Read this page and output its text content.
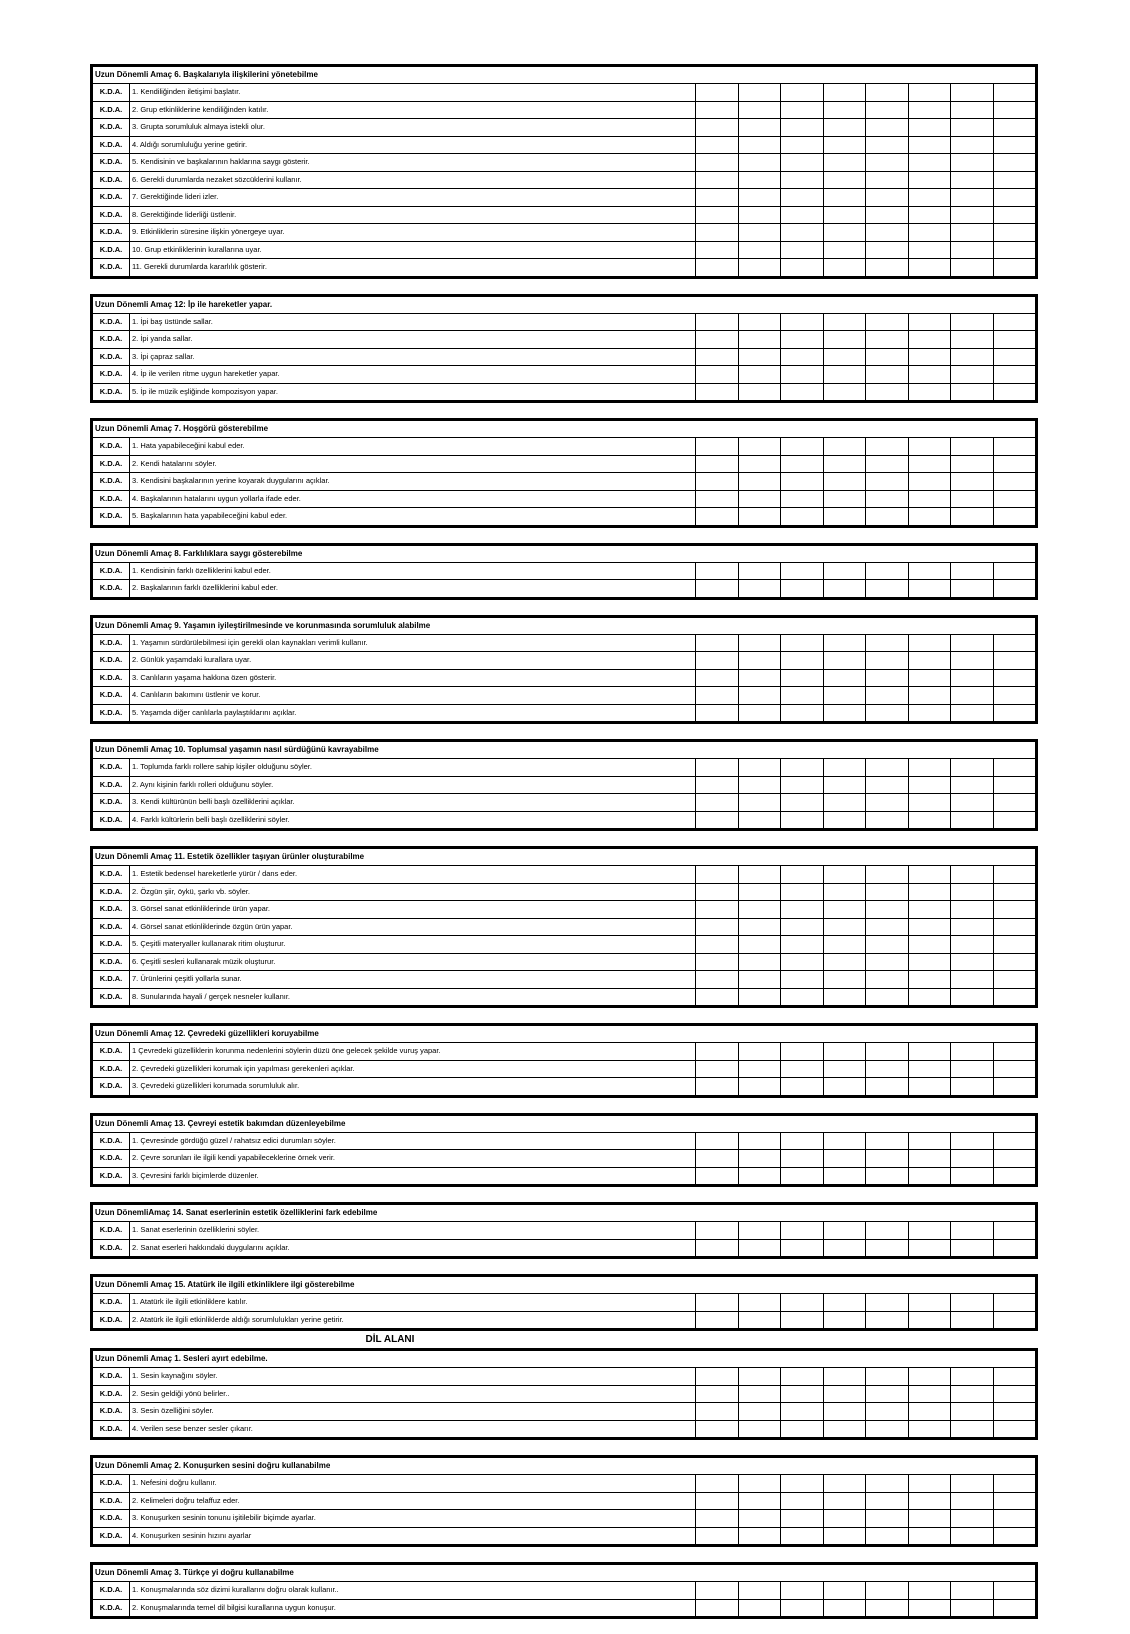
Uzun Dönemli Amaç 6. Başkalarıyla ilişkilerini yönetebilme
K.D.A.	1. Kendiliğinden iletişimi başlatır.
K.D.A.	2. Grup etkinliklerine kendiliğinden katılır.
K.D.A.	3. Grupta sorumluluk almaya istekli olur.
K.D.A.	4. Aldığı sorumluluğu yerine getirir.
K.D.A.	5. Kendisinin ve başkalarının haklarına saygı gösterir.
K.D.A.	6. Gerekli durumlarda nezaket sözcüklerini kullanır.
K.D.A.	7. Gerektiğinde lideri izler.
K.D.A.	8. Gerektiğinde liderliği üstlenir.
K.D.A.	9. Etkinliklerin süresine ilişkin yönergeye uyar.
K.D.A.	10. Grup etkinliklerinin kurallarına uyar.
K.D.A.	11. Gerekli durumlarda kararlılık gösterir.
Uzun Dönemli Amaç 12: İp ile hareketler yapar.
K.D.A.	1. İpi baş üstünde sallar.
K.D.A.	2. İpi yanda sallar.
K.D.A.	3. İpi çapraz sallar.
K.D.A.	4. İp ile verilen ritme uygun hareketler yapar.
K.D.A.	5. İp ile müzik eşliğinde kompozisyon yapar.
Uzun Dönemli Amaç 7. Hoşgörü gösterebilme
K.D.A.	1. Hata yapabileceğini kabul eder.
K.D.A.	2. Kendi hatalarını söyler.
K.D.A.	3. Kendisini başkalarının yerine koyarak duygularını açıklar.
K.D.A.	4. Başkalarının hatalarını uygun yollarla ifade eder.
K.D.A.	5. Başkalarının hata yapabileceğini kabul eder.
Uzun Dönemli Amaç 8. Farklılıklara saygı gösterebilme
K.D.A.	1. Kendisinin farklı özelliklerini kabul eder.
K.D.A.	2. Başkalarının farklı özelliklerini kabul eder.
Uzun Dönemli Amaç 9. Yaşamın iyileştirilmesinde ve korunmasında sorumluluk alabilme
K.D.A.	1. Yaşamın sürdürülebilmesi için gerekli olan kaynakları verimli kullanır.
K.D.A.	2. Günlük yaşamdaki kurallara uyar.
K.D.A.	3. Canlıların yaşama hakkına özen gösterir.
K.D.A.	4. Canlıların bakımını üstlenir ve korur.
K.D.A.	5. Yaşamda diğer canlılarla paylaştıklarını açıklar.
Uzun Dönemli Amaç 10. Toplumsal yaşamın nasıl sürdüğünü kavrayabilme
K.D.A.	1. Toplumda farklı rollere sahip kişiler olduğunu söyler.
K.D.A.	2. Aynı kişinin farklı rolleri olduğunu söyler.
K.D.A.	3. Kendi kültürünün belli başlı özelliklerini açıklar.
K.D.A.	4. Farklı kültürlerin belli başlı özelliklerini söyler.
Uzun Dönemli Amaç 11. Estetik özellikler taşıyan ürünler oluşturabilme
K.D.A.	1. Estetik bedensel hareketlerle yürür / dans eder.
K.D.A.	2. Özgün şiir, öykü, şarkı vb. söyler.
K.D.A.	3. Görsel sanat etkinliklerinde ürün yapar.
K.D.A.	4. Görsel sanat etkinliklerinde özgün ürün yapar.
K.D.A.	5. Çeşitli materyaller kullanarak ritim oluşturur.
K.D.A.	6. Çeşitli sesleri kullanarak müzik oluşturur.
K.D.A.	7. Ürünlerini çeşitli yollarla sunar.
K.D.A.	8. Sunularında hayali / gerçek nesneler kullanır.
Uzun Dönemli Amaç 12. Çevredeki güzellikleri koruyabilme
K.D.A.	1 Çevredeki güzelliklerin korunma nedenlerini söylerin düzü öne gelecek şekilde vuruş yapar.
K.D.A.	2. Çevredeki güzellikleri korumak için yapılması gerekenleri açıklar.
K.D.A.	3. Çevredeki güzellikleri korumada sorumluluk alır.
Uzun Dönemli Amaç 13. Çevreyi estetik bakımdan düzenleyebilme
K.D.A.	1. Çevresinde gördüğü güzel / rahatsız edici durumları söyler.
K.D.A.	2. Çevre sorunları ile ilgili kendi yapabileceklerine örnek verir.
K.D.A.	3. Çevresini farklı biçimlerde düzenler.
Uzun DönemliAmaç 14. Sanat eserlerinin estetik özelliklerini fark edebilme
K.D.A.	1. Sanat eserlerinin özelliklerini söyler.
K.D.A.	2. Sanat eserleri hakkındaki duygularını açıklar.
Uzun Dönemli Amaç 15. Atatürk ile ilgili etkinliklere ilgi gösterebilme
K.D.A.	1. Atatürk ile ilgili etkinliklere katılır.
K.D.A.	2. Atatürk ile ilgili etkinliklerde aldığı sorumlulukları yerine getirir.
DİL ALANI
Uzun Dönemli Amaç 1. Sesleri ayırt edebilme.
K.D.A.	1. Sesin kaynağını söyler.
K.D.A.	2. Sesin geldiği yönü belirler..
K.D.A.	3. Sesin özelliğini söyler.
K.D.A.	4. Verilen sese benzer sesler çıkarır.
Uzun Dönemli Amaç 2. Konuşurken sesini doğru kullanabilme
K.D.A.	1. Nefesini doğru kullanır.
K.D.A.	2. Kelimeleri doğru telaffuz eder.
K.D.A.	3. Konuşurken sesinin tonunu işitilebilir biçimde ayarlar.
K.D.A.	4. Konuşurken sesinin hızını ayarlar
Uzun Dönemli Amaç 3. Türkçe yi doğru kullanabilme
K.D.A.	1. Konuşmalarında söz dizimi kurallarını doğru olarak kullanır..
K.D.A.	2. Konuşmalarında temel dil bilgisi kurallarına uygun konuşur.
